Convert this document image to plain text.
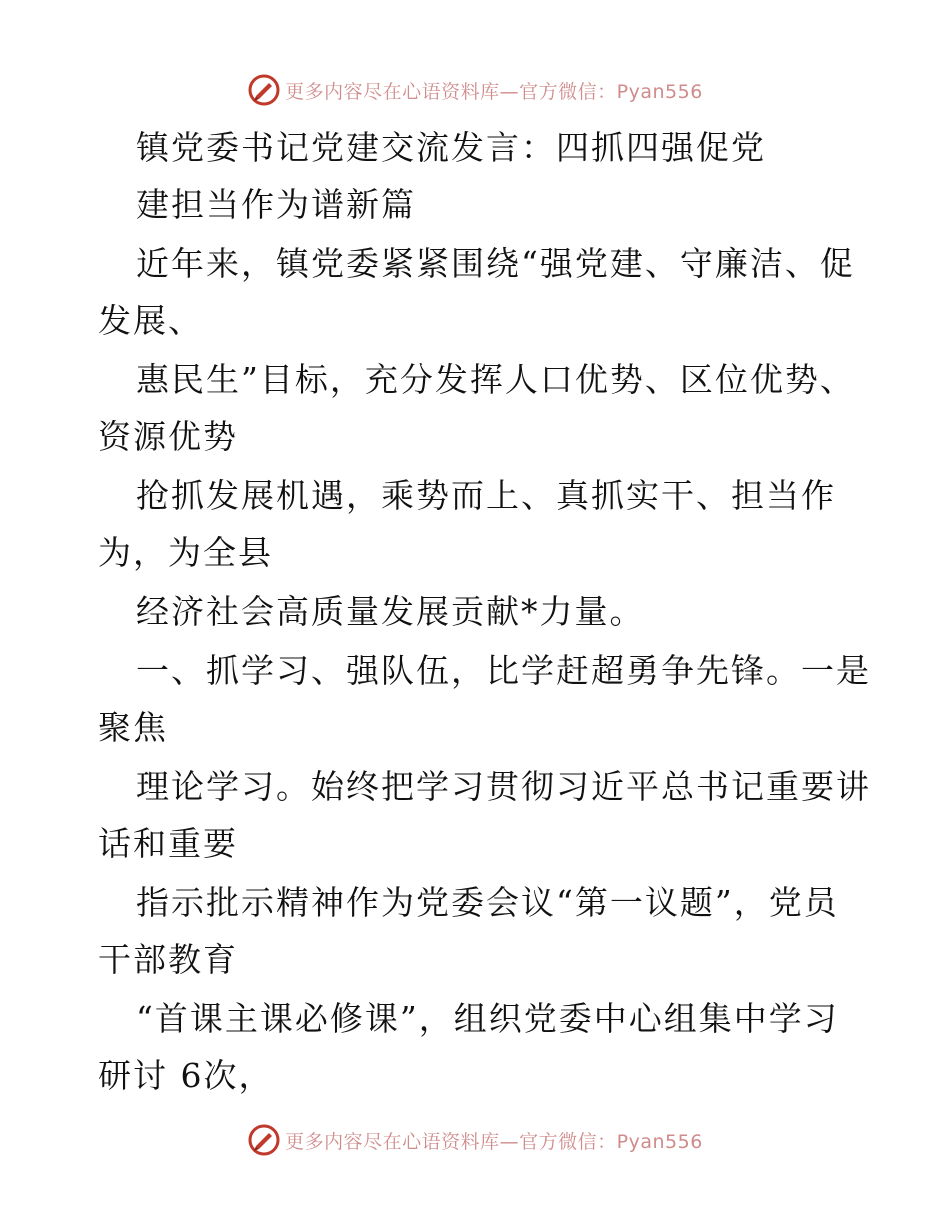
更多内容尽在心语资料库—官方微信：Pyan556
镇党委书记党建交流发言：四抓四强促党
建担当作为谱新篇
近年来，镇党委紧紧围绕“强党建、守廉洁、促
发展、
惠民生”目标，充分发挥人口优势、区位优势、
资源优势
抢抓发展机遇，乘势而上、真抓实干、担当作
为，为全县
经济社会高质量发展贡献*力量。
一、抓学习、强队伍，比学赶超勇争先锋。一是
聚焦
理论学习。始终把学习贯彻习近平总书记重要讲
话和重要
指示批示精神作为党委会议“第一议题”，党员
干部教育
“首课主课必修课”，组织党委中心组集中学习
研讨 6次，
更多内容尽在心语资料库—官方微信：Pyan556
